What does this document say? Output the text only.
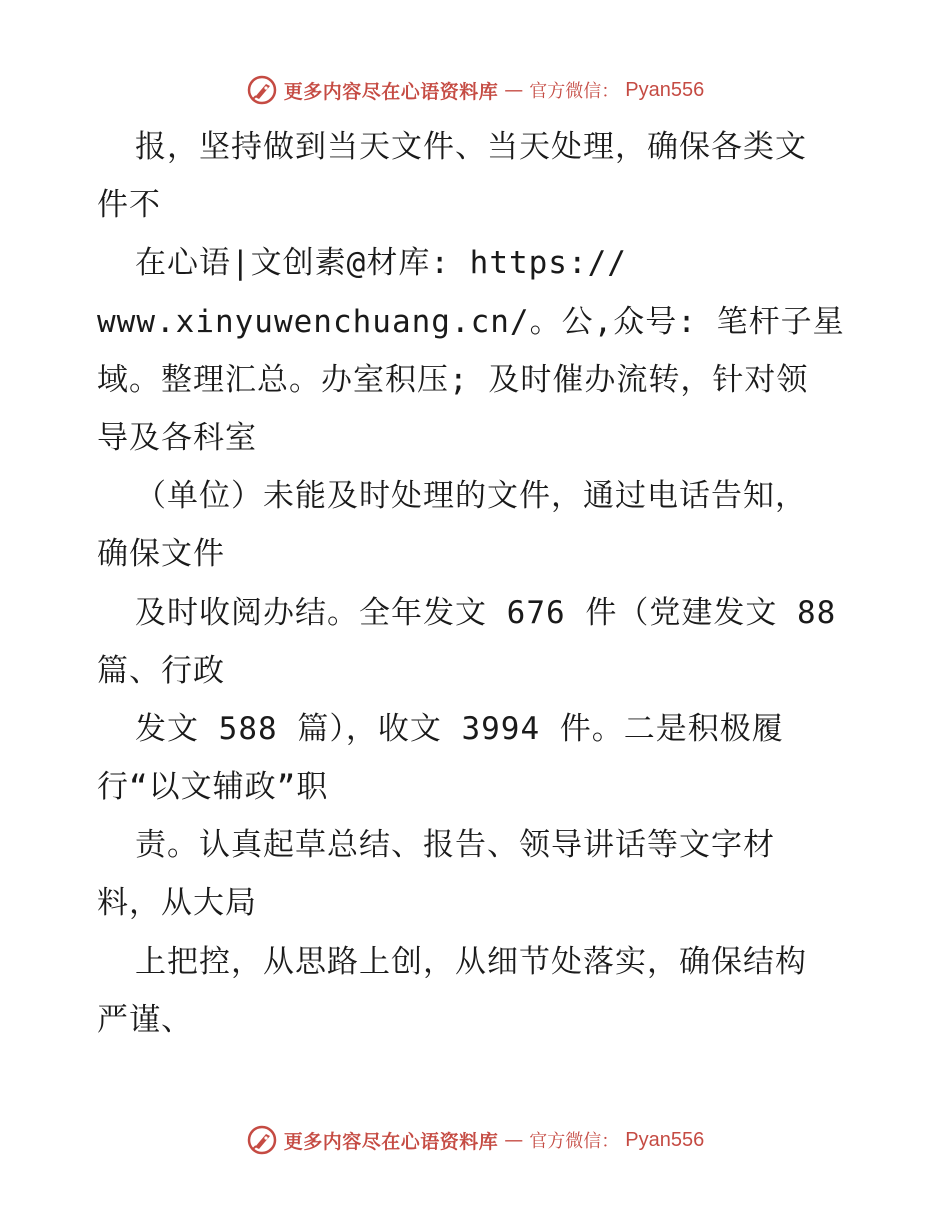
更多内容尽在心语资料库 — 官方微信： Pyan556
报，坚持做到当天文件、当天处理，确保各类文
件不
在心语|文创素@材库: https://
www.xinyuwenchuang.cn/。公,众号: 笔杆子星
域。整理汇总。办室积压; 及时催办流转，针对领
导及各科室
（单位）未能及时处理的文件，通过电话告知，
确保文件
及时收阅办结。全年发文 676 件（党建发文 88
篇、行政
发文 588 篇），收文 3994 件。二是积极履
行“以文辅政”职
责。认真起草总结、报告、领导讲话等文字材
料，从大局
上把控，从思路上创，从细节处落实，确保结构
严谨、
更多内容尽在心语资料库 — 官方微信： Pyan556
